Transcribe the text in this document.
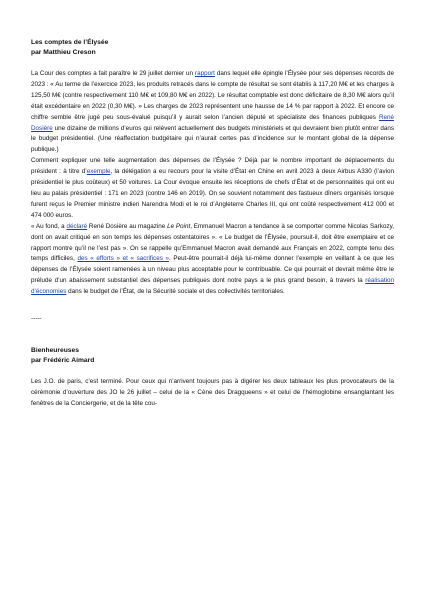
Les comptes de l’Élysée

par Matthieu Creson

La Cour des comptes a fait paraître le 29 juillet dernier un rapport dans lequel elle épingle l’Élysée pour ses dépenses records de 2023 : « Au terme de l’exercice 2023, les produits retracés dans le compte de résultat se sont établis à 117,20 M€ et les charges à 125,50 M€ (contre respectivement 110 M€ et 109,80 M€ en 2022). Le résultat comptable est donc déficitaire de 8,30 M€ alors qu’il était excédentaire en 2022 (0,30 M€). » Les charges de 2023 représentent une hausse de 14 % par rapport à 2022. Et encore ce chiffre semble être jugé peu sous-évalué puisqu’il y aurait selon l’ancien député et spécialiste des finances publiques René Dosière une dizaine de millions d’euros qui relèvent actuellement des budgets ministériels et qui devraient bien plutôt entrer dans le budget présidentiel. (Une réaffectation budgétaire qui n’aurait certes pas d’incidence sur le montant global de la dépense publique.)

Comment expliquer une telle augmentation des dépenses de l’Élysée ? Déjà par le nombre important de déplacements du président : à titre d’exemple, la délégation a eu recours pour la visite d’État en Chine en avril 2023 à deux Airbus A330 (l’avion présidentiel le plus coûteux) et 50 voitures. La Cour évoque ensuite les réceptions de chefs d’État et de personnalités qui ont eu lieu au palais présidentiel : 171 en 2023 (contre 146 en 2019). On se souvient notamment des fastueux dîners organisés lorsque furent reçus le Premier ministre indien Narendra Modi et le roi d’Angleterre Charles III, qui ont coûté respectivement 412 000 et 474 000 euros.

« Au fond, a déclaré René Dosière au magazine Le Point, Emmanuel Macron a tendance à se comporter comme Nicolas Sarkozy, dont on avait critiqué en son temps les dépenses ostentatoires ». « Le budget de l’Élysée, poursuit-il, doit être exemplaire et ce rapport montre qu’il ne l’est pas ». On se rappelle qu’Emmanuel Macron avait demandé aux Français en 2022, compte tenu des temps difficiles, des « efforts » et « sacrifices ». Peut-être pourrait-il déjà lui-même donner l’exemple en veillant à ce que les dépenses de l’Élysée soient ramenées à un niveau plus acceptable pour le contribuable. Ce qui pourrait et devrait même être le prélude d’un abaissement substantiel des dépenses publiques dont notre pays a le plus grand besoin, à travers la réalisation d’économies dans le budget de l’État, de la Sécurité sociale et des collectivités territoriales.

-----

Bienheureuses

par Frédéric Aimard

Les J.O. de paris, c’est terminé. Pour ceux qui n’arrivent toujours pas à digérer les deux tableaux les plus provocateurs de la cérémonie d’ouverture des JO le 26 juillet – celui de la « Cène des Dragqueens » et celui de l’hémoglobine ensanglantant les fenêtres de la Conciergerie, et de la tête cou-
